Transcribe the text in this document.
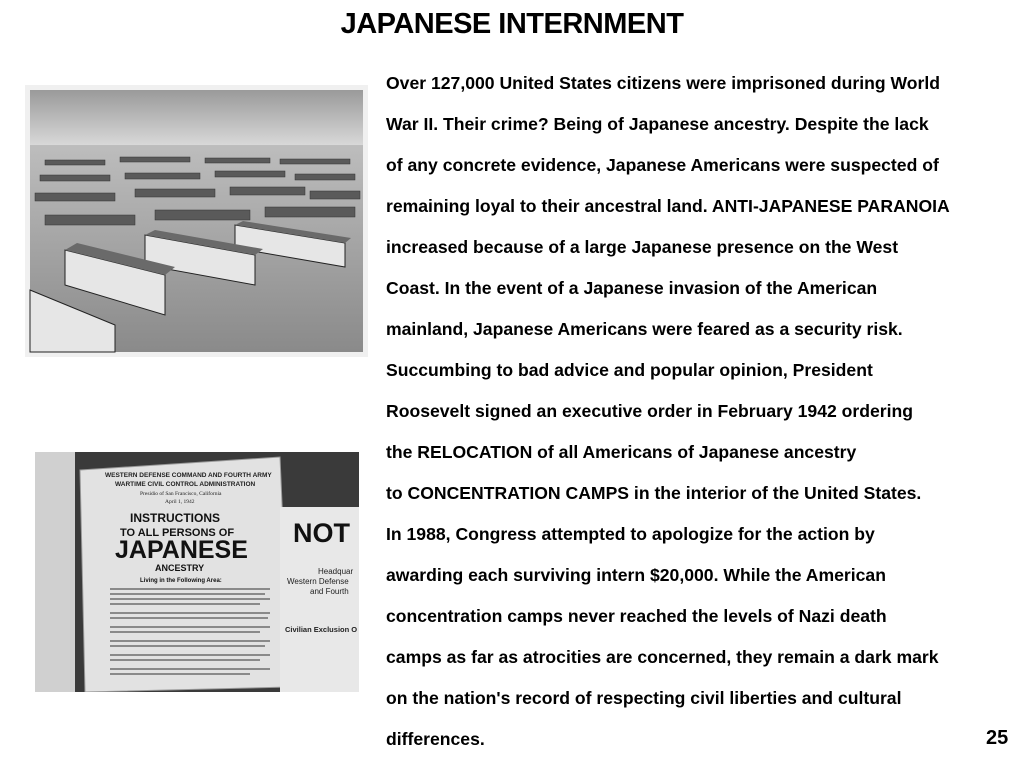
JAPANESE INTERNMENT
WESTERN DEFENSE COMMAND AND FOURTH ARMY
WARTIME CIVIL CONTROL ADMINISTRATION
Presidio of San Francisco, California
April 1, 1942
INSTRUCTIONS
TO ALL PERSONS OF
JAPANESE
ANCESTRY
Living in the Following Area:
NOT
Headquar
Western Defense
and Fourth
Civilian Exclusion O
Over 127,000 United States citizens were imprisoned during World
War II. Their crime? Being of Japanese ancestry. Despite the lack
of any concrete evidence, Japanese Americans were suspected of
remaining loyal to their ancestral land. ANTI-JAPANESE PARANOIA
increased because of a large Japanese presence on the West
Coast. In the event of a Japanese invasion of the American
mainland, Japanese Americans were feared as a security risk.
Succumbing to bad advice and popular opinion, President
Roosevelt signed an executive order in February 1942 ordering
the RELOCATION of all Americans of Japanese ancestry
to CONCENTRATION CAMPS in the interior of the United States.
In 1988, Congress attempted to apologize for the action by
awarding each surviving intern $20,000. While the American
concentration camps never reached the levels of Nazi death
camps as far as atrocities are concerned, they remain a dark mark
on the nation's record of respecting civil liberties and cultural
differences.	25
